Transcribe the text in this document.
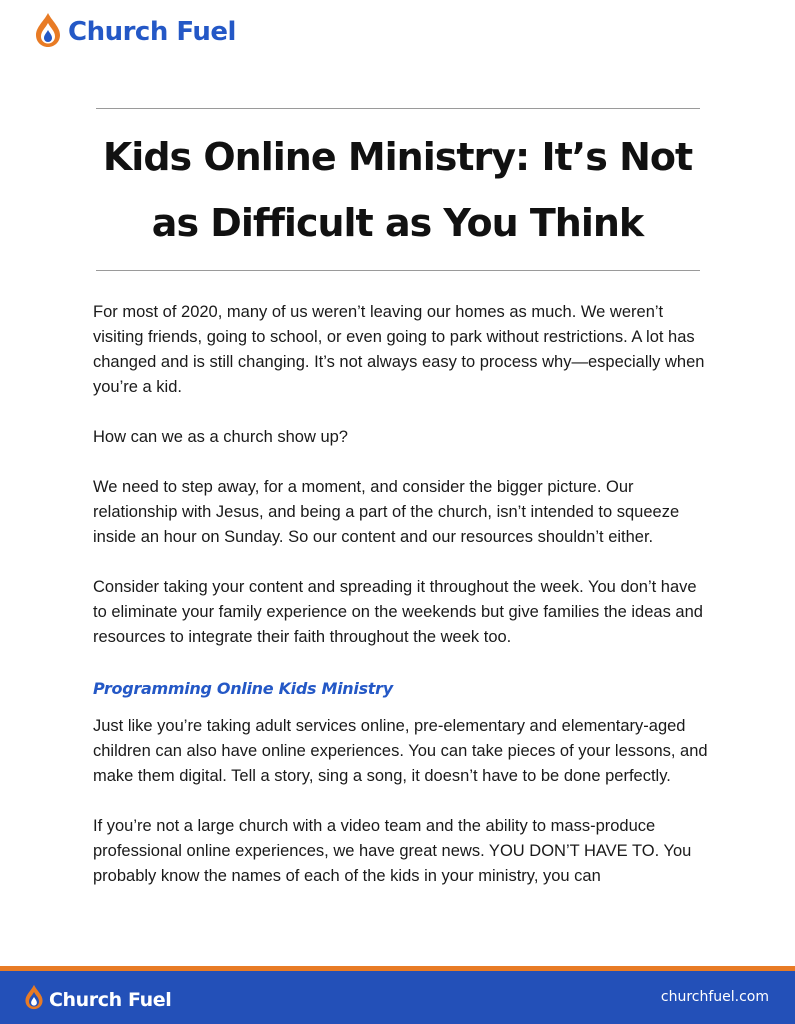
Church Fuel
Kids Online Ministry: It’s Not
as Difficult as You Think

For most of 2020, many of us weren’t leaving our homes as much. We weren’t visiting friends, going to school, or even going to park without restrictions. A lot has changed and is still changing. It’s not always easy to process why—especially when you’re a kid.

How can we as a church show up?

We need to step away, for a moment, and consider the bigger picture. Our relationship with Jesus, and being a part of the church, isn’t intended to squeeze inside an hour on Sunday. So our content and our resources shouldn’t either.

Consider taking your content and spreading it throughout the week. You don’t have to eliminate your family experience on the weekends but give families the ideas and resources to integrate their faith throughout the week too.

Programming Online Kids Ministry

Just like you’re taking adult services online, pre-elementary and elementary-aged children can also have online experiences. You can take pieces of your lessons, and make them digital. Tell a story, sing a song, it doesn’t have to be done perfectly.

If you’re not a large church with a video team and the ability to mass-produce professional online experiences, we have great news. YOU DON’T HAVE TO. You probably know the names of each of the kids in your ministry, you can

Church Fuel	churchfuel.com
